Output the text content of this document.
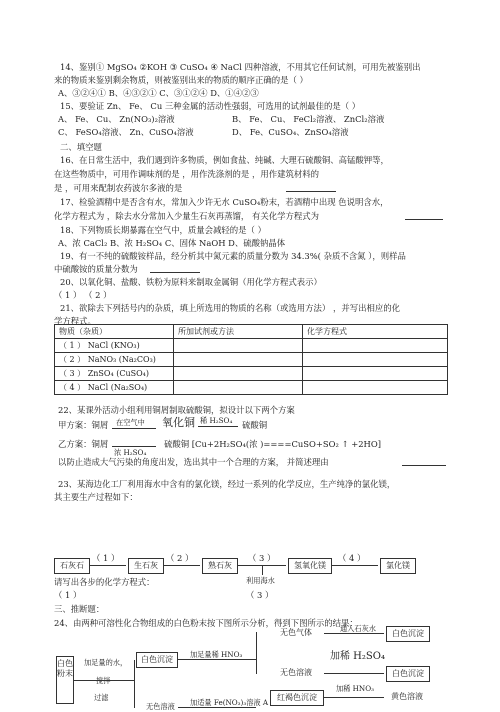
14、鉴别① MgSO₄ ②KOH ③ CuSO₄ ④ NaCl 四种溶液，不用其它任何试剂，可用先被鉴别出
来的物质来鉴别剩余物质，则被鉴别出来的物质的顺序正确的是（ ）
A、③②④① B、④③②① C、③①②④ D、①④②③
15、要验证 Zn、 Fe、 Cu 三种金属的活动性强弱，可选用的试剂最佳的是（ ）
A、 Fe、 Cu、 Zn(NO₃)₂溶液	B、 Fe、 Cu、 FeCl₂溶液、 ZnCl₂溶液
C、 FeSO₄溶液、 Zn、CuSO₄溶液	D、 Fe、CuSO₄、ZnSO₄溶液
二、填空题
16、在日常生活中，我们遇到许多物质，例如食盐、纯碱、大理石硫酸铜、高锰酸钾等，
在这些物质中，可用作调味剂的是 ，用作洗涤剂的是 ，用作建筑材料的
是 ，可用来配制农药波尔多液的是
17、检验酒精中是否含有水，常加入少许无水 CuSO₄粉末，若酒精中出现 色说明含水，
化学方程式为 ，除去水分常加入少量生石灰再蒸馏， 有关化学方程式为
18、下列物质长期暴露在空气中，质量会减轻的是（ ）
A、浓 CaCl₂ B、浓 H₂SO₄ C、固体 NaOH D、硫酸钠晶体
19、有一不纯的硫酸铵样品，经分析其中氮元素的质量分数为 34.3%( 杂质不含氮 ），则样品
中硫酸铵的质量分数为
20、以氧化铜、盐酸、铁粉为原料来制取金属铜（用化学方程式表示）
（ 1 ） （ 2 ）
21、欲除去下列括号内的杂质，填上所选用的物质的名称（或选用方法） ，并写出相应的化
学方程式。
物质（杂质）	所加试剂或方法	化学方程式
（ 1 ） NaCl (KNO₃)		
（ 2 ） NaNO₃ (Na₂CO₃)		
（ 3 ） ZnSO₄ (CuSO₄)		
（ 4 ） NaCl (Na₂SO₄)		
22、某课外活动小组利用铜屑制取硫酸铜，拟设计以下两个方案
甲方案：铜屑 在空气中 氧化铜 稀 H₂SO₄ 硫酸铜
乙方案：铜屑
浓 H₂SO₄
硫酸铜 [Cu+2H₂SO₄(浓 )====CuSO+SO₂ ↑ +2HO]
以防止造成大气污染的角度出发，选出其中一个合理的方案， 并简述理由
23、某海边化工厂利用海水中含有的氯化镁，经过一系列的化学反应，生产纯净的氯化镁，
其主要生产过程如下：
石灰石
（ 1 ）
生石灰
（ 2 ）
熟石灰
（ 3 ）
利用海水
氢氧化镁
（ 4 ）
氯化镁
请写出各步的化学方程式：
（ 1 ）	（ 3 ）
三、推断题：
24、由两种可溶性化合物组成的白色粉末按下图所示分析，得到下图所示的结果：
白色粉末
加足量的水，
搅拌
过滤
白色沉淀
加足量稀 HNO₃
无色气体	通入石灰水
白色沉淀
无色溶液
加稀 H₂SO₄
白色沉淀
加适量 Fe(NO₃)₃溶液 A
无色溶液
红褐色沉淀
加稀 HNO₃
黄色溶液
